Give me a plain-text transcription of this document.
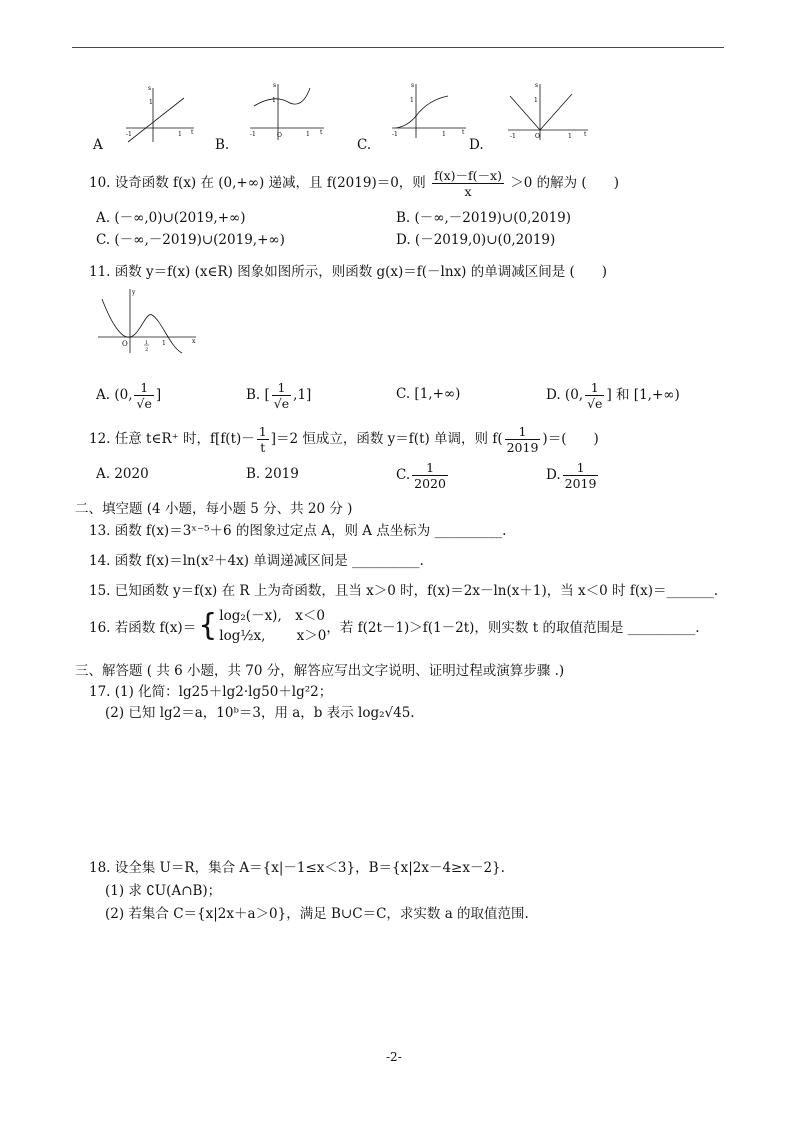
s
1
-1	1 t
A
s
1
-1	O	1 t
B.
s
1
-1	1	t
C.
s
1
-1	O	1 t
D.
10. 设奇函数 f(x) 在 (0,+∞) 递减，且 f(2019)＝0，则 $\frac{f(x)-f(-x)}{x} >0$ 的解为 (　　)
A. (－∞,0)∪(2019,+∞)	B. (－∞,－2019)∪(0,2019)
C. (－∞,－2019)∪(2019,+∞)	D. (－2019,0)∪(0,2019)
11. 函数 y＝f(x) (x∈R) 图象如图所示，则函数 g(x)＝f(－lnx) 的单调减区间是 (　　)
y
O	1
2
1	x
A. (0, $\frac{1}{√e}$ ]	B. [ $\frac{1}{√e} ,1$]	C. [1,+∞)	D. (0, $\frac{1}{√e}$ ] 和 [1,+∞)
12. 任意 t∈R⁺ 时，$f[f(t)- \frac{1}{t} ]=2$ 恒成立，函数 y＝f(t) 单调，则 $f( \frac{1}{2019}$ )＝(　　)
A. 2020	B. 2019	C. $\frac{1}{2020}$	D. $\frac{1}{2019}$
二、填空题 (4 小题，每小题 5 分、共 20 分 )
13. 函数 f(x)＝3ˣ⁻⁵＋6 的图象过定点 A，则 A 点坐标为 __________.
14. 函数 f(x)＝ln(x²＋4x) 单调递减区间是 __________.
15. 已知函数 y＝f(x) 在 R 上为奇函数，且当 x＞0 时，f(x)＝2x－ln(x＋1)，当 x＜0 时 f(x)＝_______.
16. 若函数 f(x)＝ { log₂(－x),　x＜0
log½x,　　 x＞0 ，若 f(2t－1)＞f(1－2t)，则实数 t 的取值范围是 __________.
三、解答题 ( 共 6 小题，共 70 分，解答应写出文字说明、证明过程或演算步骤 .)
17. (1) 化简：lg25＋lg2·lg50＋lg²2；
(2) 已知 lg2＝a，10ᵇ＝3，用 a，b 表示 log₂√45.
18. 设全集 U＝R，集合 A＝{x|－1≤x＜3}，B＝{x|2x－4≥x－2}.
(1) 求 ∁U(A∩B)；
(2) 若集合 C＝{x|2x＋a＞0}，满足 B∪C＝C，求实数 a 的取值范围.
-2-
